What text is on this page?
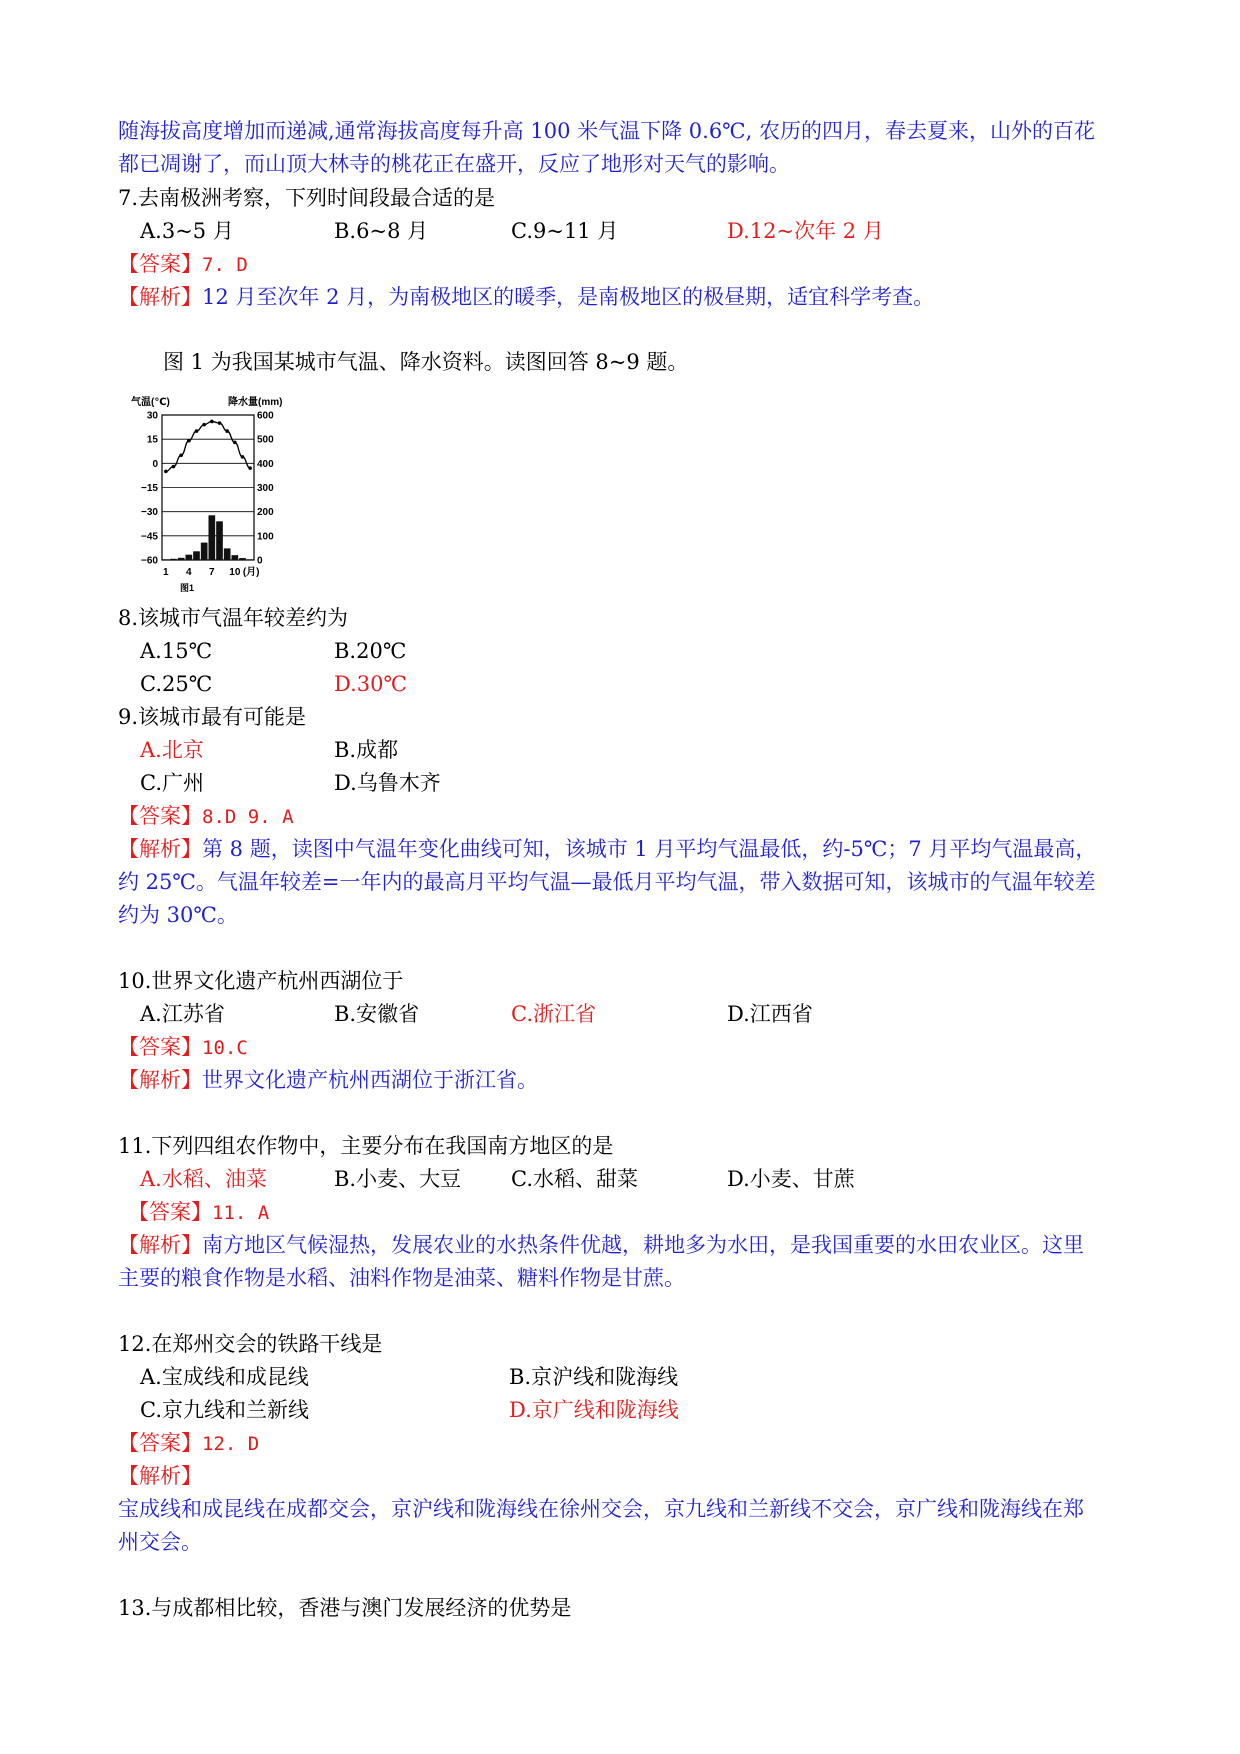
随海拔高度增加而递减,通常海拔高度每升高 100 米气温下降 0.6℃, 农历的四月，春去夏来，山外的百花
都已凋谢了，而山顶大林寺的桃花正在盛开，反应了地形对天气的影响。
7.去南极洲考察，下列时间段最合适的是
A.3~5 月	B.6~8 月	C.9~11 月	D.12~次年 2 月
【答案】7. D
【解析】12 月至次年 2 月，为南极地区的暖季，是南极地区的极昼期，适宜科学考查。
图 1 为我国某城市气温、降水资料。读图回答 8~9 题。
气温(℃)	降水量(mm)
30
15
0
−15
−30
−45
−60
600
500
400
300
200
100
0
1 4 7 10 (月)
图1
8.该城市气温年较差约为
A.15℃	B.20℃
C.25℃	D.30℃
9.该城市最有可能是
A.北京	B.成都
C.广州	D.乌鲁木齐
【答案】8.D 9. A
【解析】第 8 题，读图中气温年变化曲线可知，该城市 1 月平均气温最低，约-5℃；7 月平均气温最高，
约 25℃。气温年较差=一年内的最高月平均气温—最低月平均气温，带入数据可知，该城市的气温年较差
约为 30℃。
10.世界文化遗产杭州西湖位于
A.江苏省	B.安徽省	C.浙江省	D.江西省
【答案】10.C
【解析】世界文化遗产杭州西湖位于浙江省。
11.下列四组农作物中，主要分布在我国南方地区的是
A.水稻、油菜	B.小麦、大豆 C.水稻、甜菜	D.小麦、甘蔗
【答案】11. A
【解析】南方地区气候湿热，发展农业的水热条件优越，耕地多为水田，是我国重要的水田农业区。这里
主要的粮食作物是水稻、油料作物是油菜、糖料作物是甘蔗。
12.在郑州交会的铁路干线是
A.宝成线和成昆线	B.京沪线和陇海线
C.京九线和兰新线	D.京广线和陇海线
【答案】12. D
【解析】
宝成线和成昆线在成都交会，京沪线和陇海线在徐州交会，京九线和兰新线不交会，京广线和陇海线在郑
州交会。
13.与成都相比较，香港与澳门发展经济的优势是
